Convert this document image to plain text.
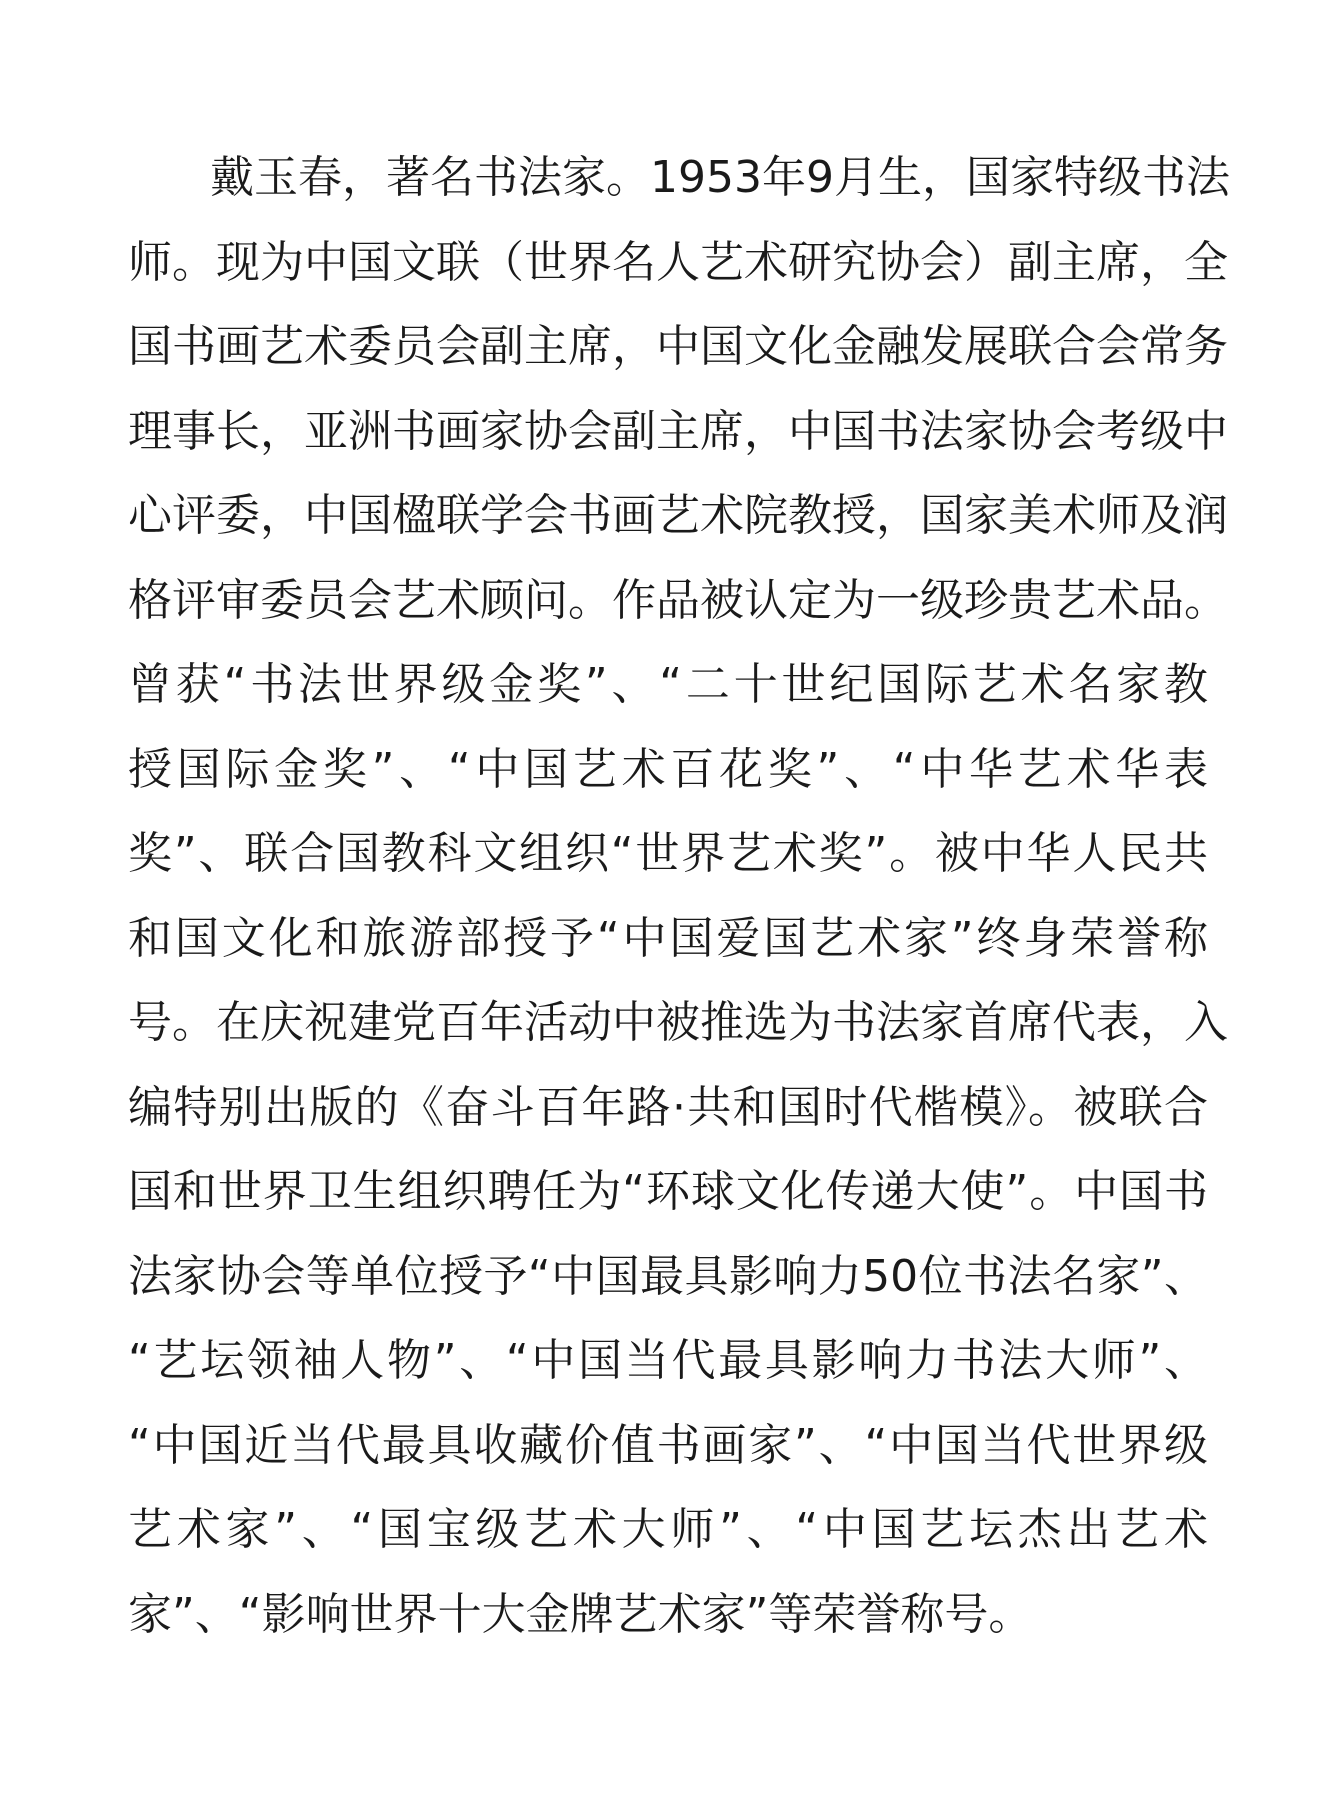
戴玉春，著名书法家。1953年9月生，国家特级书法
师。现为中国文联（世界名人艺术研究协会）副主席，全
国书画艺术委员会副主席，中国文化金融发展联合会常务
理事长，亚洲书画家协会副主席，中国书法家协会考级中
心评委，中国楹联学会书画艺术院教授，国家美术师及润
格评审委员会艺术顾问。作品被认定为一级珍贵艺术品。
曾获“书法世界级金奖”、“二十世纪国际艺术名家教
授国际金奖”、“中国艺术百花奖”、“中华艺术华表
奖”、联合国教科文组织“世界艺术奖”。被中华人民共
和国文化和旅游部授予“中国爱国艺术家”终身荣誉称
号。在庆祝建党百年活动中被推选为书法家首席代表，入
编特别出版的《奋斗百年路·共和国时代楷模》。被联合
国和世界卫生组织聘任为“环球文化传递大使”。中国书
法家协会等单位授予“中国最具影响力50位书法名家”、
“艺坛领袖人物”、“中国当代最具影响力书法大师”、
“中国近当代最具收藏价值书画家”、“中国当代世界级
艺术家”、“国宝级艺术大师”、“中国艺坛杰出艺术
家”、“影响世界十大金牌艺术家”等荣誉称号。
